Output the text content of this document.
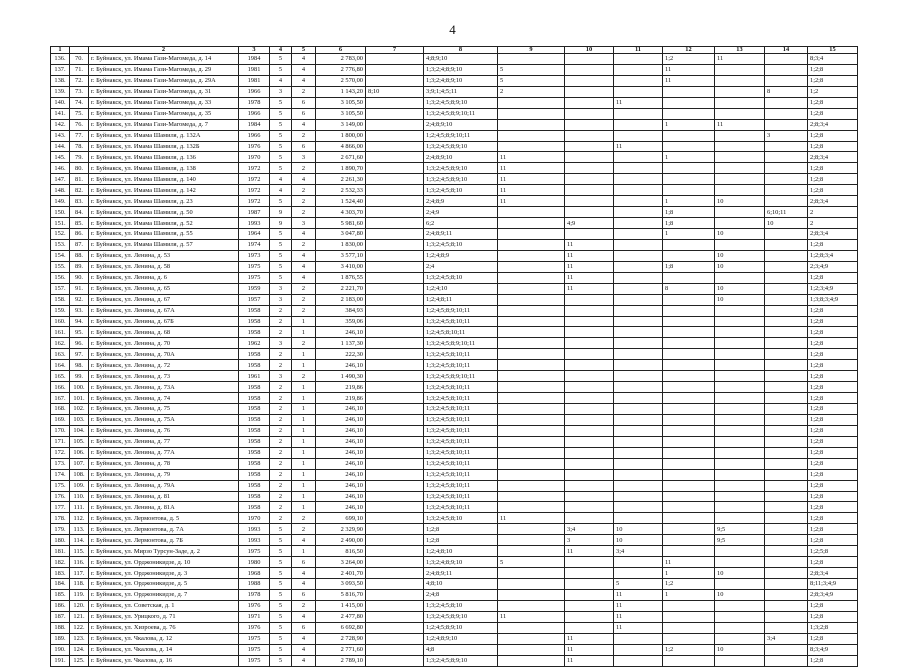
4
1		2	3	4	5	6	7	8	9	10	11	12	13	14	15
136.	70.	г. Буйнакск, ул. Имама Гази-Магомеда, д. 14	1984	5	4	2 783,00		4;8;9;10				1;2	11		8;3;4
137.	71.	г. Буйнакск, ул. Имама Гази-Магомеда, д. 29	1981	5	4	2 776,80		1;3;2;4;8;9;10	5			11			1;2;8
138.	72.	г. Буйнакск, ул. Имама Гази-Магомеда, д. 29А	1981	4	4	2 570,00		1;3;2;4;8;9;10	5			11			1;2;8
139.	73.	г. Буйнакск, ул. Имама Гази-Магомеда, д. 31	1966	3	2	1 143,20	8;10	3;9;1;4;5;11	2					8	1;2
140.	74.	г. Буйнакск, ул. Имама Гази-Магомеда, д. 33	1978	5	6	3 105,50		1;3;2;4;5;8;9;10			11				1;2;8
141.	75.	г. Буйнакск, ул. Имама Гази-Магомеда, д. 35	1966	5	6	3 105,50		1;3;2;4;5;8;9;10;11							1;2;8
142.	76.	г. Буйнакск, ул. Имама Гази-Магомеда, д. 7	1984	5	4	3 149,00		2;4;8;9;10				1	11		2;8;3;4
143.	77.	г. Буйнакск, ул. Имама Шамиля, д. 132А	1966	5	2	1 800,00		1;2;4;5;8;9;10;11						3	1;2;8
144.	78.	г. Буйнакск, ул. Имама Шамиля, д. 132Б	1976	5	6	4 866,00		1;3;2;4;5;8;9;10			11				1;2;8
145.	79.	г. Буйнакск, ул. Имама Шамиля, д. 136	1970	5	3	2 671,60		2;4;8;9;10	11			1			2;8;3;4
146.	80.	г. Буйнакск, ул. Имама Шамиля, д. 138	1972	5	2	1 890,70		1;3;2;4;5;8;9;10	11						1;2;8
147.	81.	г. Буйнакск, ул. Имама Шамиля, д. 140	1972	4	4	2 261,30		1;3;2;4;5;8;9;10	11						1;2;8
148.	82.	г. Буйнакск, ул. Имама Шамиля, д. 142	1972	4	2	2 532,33		1;3;2;4;5;8;10	11						1;2;8
149.	83.	г. Буйнакск, ул. Имама Шамиля, д. 23	1972	5	2	1 524,40		2;4;8;9	11			1	10		2;8;3;4
150.	84.	г. Буйнакск, ул. Имама Шамиля, д. 50	1987	9	2	4 303,70		2;4;9				1;8		6;10;11	2
151.	85.	г. Буйнакск, ул. Имама Шамиля, д. 52	1993	9	3	5 981,60		6;2		4;9		1;8		10	2
152.	86.	г. Буйнакск, ул. Имама Шамиля, д. 55	1964	5	4	3 047,80		2;4;8;9;11				1	10		2;8;3;4
153.	87.	г. Буйнакск, ул. Имама Шамиля, д. 57	1974	5	2	1 830,00		1;3;2;4;5;8;10		11					1;2;8
154.	88.	г. Буйнакск, ул. Ленина, д. 53	1973	5	4	3 577,10		1;2;4;8;9		11			10		1;2;8;3;4
155.	89.	г. Буйнакск, ул. Ленина, д. 58	1975	5	4	3 410,00		2;4		11		1;8	10		2;3;4;9
156.	90.	г. Буйнакск, ул. Ленина, д. 6	1975	5	4	1 876,55		1;3;2;4;5;8;10		11					1;2;8
157.	91.	г. Буйнакск, ул. Ленина, д. 65	1959	3	2	2 221,70		1;2;4;10		11		8	10		1;2;3;4;9
158.	92.	г. Буйнакск, ул. Ленина, д. 67	1957	3	2	2 183,00		1;2;4;8;11					10		1;3;8;3;4;9
159.	93.	г. Буйнакск, ул. Ленина, д. 67А	1958	2	2	384,93		1;2;4;5;8;9;10;11							1;2;8
160.	94.	г. Буйнакск, ул. Ленина, д. 67Б	1958	2	1	359,06		1;3;2;4;5;8;10;11							1;2;8
161.	95.	г. Буйнакск, ул. Ленина, д. 68	1958	2	1	246,10		1;2;4;5;8;10;11							1;2;8
162.	96.	г. Буйнакск, ул. Ленина, д. 70	1962	3	2	1 137,30		1;3;2;4;5;8;9;10;11							1;2;8
163.	97.	г. Буйнакск, ул. Ленина, д. 70А	1958	2	1	222,30		1;3;2;4;5;8;10;11							1;2;8
164.	98.	г. Буйнакск, ул. Ленина, д. 72	1958	2	1	246,10		1;3;2;4;5;8;10;11							1;2;8
165.	99.	г. Буйнакск, ул. Ленина, д. 73	1961	3	2	1 490,30		1;3;2;4;5;8;9;10;11							1;2;8
166.	100.	г. Буйнакск, ул. Ленина, д. 73А	1958	2	1	219,86		1;3;2;4;5;8;10;11							1;2;8
167.	101.	г. Буйнакск, ул. Ленина, д. 74	1958	2	1	219,86		1;3;2;4;5;8;10;11							1;2;8
168.	102.	г. Буйнакск, ул. Ленина, д. 75	1958	2	1	246,10		1;3;2;4;5;8;10;11							1;2;8
169.	103.	г. Буйнакск, ул. Ленина, д. 75А	1958	2	1	246,10		1;3;2;4;5;8;10;11							1;2;8
170.	104.	г. Буйнакск, ул. Ленина, д. 76	1958	2	1	246,10		1;3;2;4;5;8;10;11							1;2;8
171.	105.	г. Буйнакск, ул. Ленина, д. 77	1958	2	1	246,10		1;3;2;4;5;8;10;11							1;2;8
172.	106.	г. Буйнакск, ул. Ленина, д. 77А	1958	2	1	246,10		1;3;2;4;5;8;10;11							1;2;8
173.	107.	г. Буйнакск, ул. Ленина, д. 78	1958	2	1	246,10		1;3;2;4;5;8;10;11							1;2;8
174.	108.	г. Буйнакск, ул. Ленина, д. 79	1958	2	1	246,10		1;3;2;4;5;8;10;11							1;2;8
175.	109.	г. Буйнакск, ул. Ленина, д. 79А	1958	2	1	246,10		1;3;2;4;5;8;10;11							1;2;8
176.	110.	г. Буйнакск, ул. Ленина, д. 81	1958	2	1	246,10		1;3;2;4;5;8;10;11							1;2;8
177.	111.	г. Буйнакск, ул. Ленина, д. 81А	1958	2	1	246,10		1;3;2;4;5;8;10;11							1;2;8
178.	112.	г. Буйнакск, ул. Лермонтова, д. 5	1970	2	2	699,10		1;3;2;4;5;8;10	11						1;2;8
179.	113.	г. Буйнакск, ул. Лермонтова, д. 7А	1993	5	2	2 329,90		1;2;8		3;4	10		9;5		1;2;8
180.	114.	г. Буйнакск, ул. Лермонтова, д. 7Б	1993	5	4	2 490,00		1;2;8		3	10		9;5		1;2;8
181.	115.	г. Буйнакск, ул. Мирзо Турсун-Заде, д. 2	1975	5	1	816,50		1;2;4;8;10		11	3;4				1;2;5;8
182.	116.	г. Буйнакск, ул. Орджоникидзе, д. 10	1980	5	6	3 264,00		1;3;2;4;8;9;10	5			11			1;2;8
183.	117.	г. Буйнакск, ул. Орджоникидзе, д. 3	1968	5	4	2 401,70		2;4;8;9;11				1	10		2;8;3;4
184.	118.	г. Буйнакск, ул. Орджоникидзе, д. 5	1988	5	4	3 093,50		4;8;10			5	1;2			8;11;3;4;9
185.	119.	г. Буйнакск, ул. Орджоникидзе, д. 7	1978	5	6	5 816,70		2;4;8			11	1	10		2;8;3;4;9
186.	120.	г. Буйнакск, ул. Советская, д. 1	1976	5	2	1 415,00		1;3;2;4;5;8;10			11				1;2;8
187.	121.	г. Буйнакск, ул. Урицкого, д. 71	1971	5	4	2 477,80		1;3;2;4;5;8;9;10	11		11				1;2;8
188.	122.	г. Буйнакск, ул. Хизроева, д. 76	1976	5	6	6 692,80		1;2;4;5;8;9;10			11				1;3;2;8
189.	123.	г. Буйнакск, ул. Чкалова, д. 12	1975	5	4	2 728,90		1;2;4;8;9;10		11				3;4	1;2;8
190.	124.	г. Буйнакск, ул. Чкалова, д. 14	1975	5	4	2 771,60		4;8		11		1;2	10		8;3;4;9
191.	125.	г. Буйнакск, ул. Чкалова, д. 16	1975	5	4	2 789,10		1;3;2;4;5;8;9;10		11					1;2;8
